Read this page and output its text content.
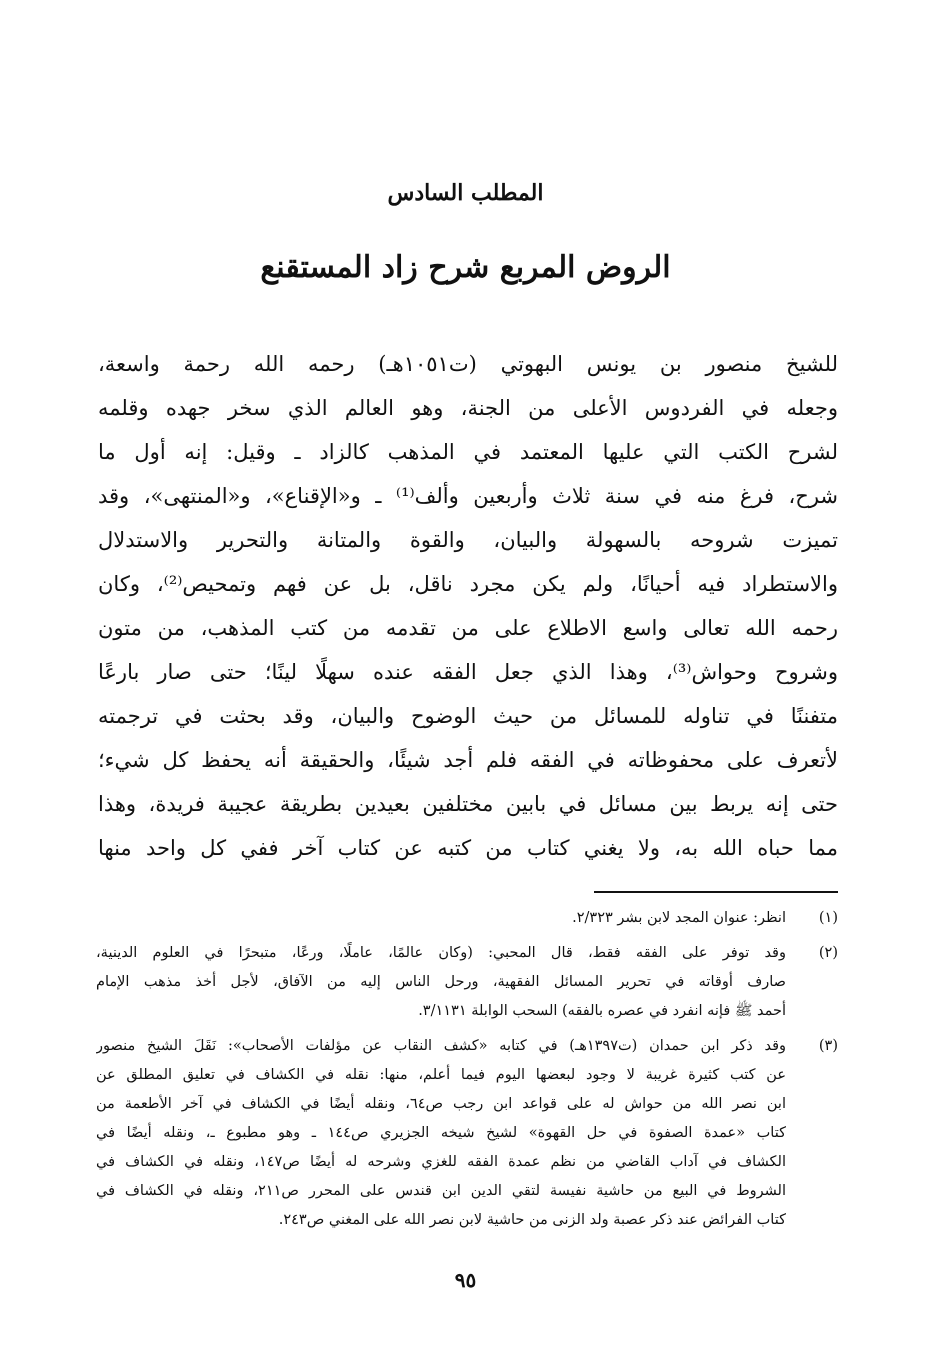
المطلب السادس
الروض المربع شرح زاد المستقنع
للشيخ منصور بن يونس البهوتي (ت١٠٥١هـ) رحمه الله رحمة واسعة،
وجعله في الفردوس الأعلى من الجنة، وهو العالم الذي سخر جهده وقلمه
لشرح الكتب التي عليها المعتمد في المذهب كالزاد ـ وقيل: إنه أول ما
شرح، فرغ منه في سنة ثلاث وأربعين وألف⁽¹⁾ ـ و«الإقناع»، و«المنتهى»، وقد
تميزت شروحه بالسهولة والبيان، والقوة والمتانة والتحرير والاستدلال
والاستطراد فيه أحيانًا، ولم يكن مجرد ناقل، بل عن فهم وتمحيص⁽²⁾، وكان
رحمه الله تعالى واسع الاطلاع على من تقدمه من كتب المذهب، من متون
وشروح وحواش⁽³⁾، وهذا الذي جعل الفقه عنده سهلًا لينًا؛ حتى صار بارعًا
متفننًا في تناوله للمسائل من حيث الوضوح والبيان، وقد بحثت في ترجمته
لأتعرف على محفوظاته في الفقه فلم أجد شيئًا، والحقيقة أنه يحفظ كل شيء؛
حتى إنه يربط بين مسائل في بابين مختلفين بعيدين بطريقة عجيبة فريدة، وهذا
مما حباه الله به، ولا يغني كتاب من كتبه عن كتاب آخر ففي كل واحد منها
(١)
انظر: عنوان المجد لابن بشر ٢/٣٢٣.
(٢)
وقد توفر على الفقه فقط، قال المحبي: (وكان عالمًا، عاملًا، ورعًا، متبحرًا في العلوم الدينية،
صارف أوقاته في تحرير المسائل الفقهية، ورحل الناس إليه من الآفاق، لأجل أخذ مذهب الإمام
أحمد ﷺ فإنه انفرد في عصره بالفقه) السحب الوابلة ٣/١١٣١.
(٣)
وقد ذكر ابن حمدان (ت١٣٩٧هـ) في كتابه «كشف النقاب عن مؤلفات الأصحاب»: نَقَلَ الشيخ منصور
عن كتب كثيرة غريبة لا وجود لبعضها اليوم فيما أعلم، منها: نقله في الكشاف في تعليق المطلق عن
ابن نصر الله من حواش له على قواعد ابن رجب ص٦٤، ونقله أيضًا في الكشاف في آخر الأطعمة من
كتاب «عمدة الصفوة في حل القهوة» لشيخ شيخه الجزيري ص١٤٤ ـ وهو مطبوع ـ، ونقله أيضًا في
الكشاف في آداب القاضي من نظم عمدة الفقه للغزي وشرحه له أيضًا ص١٤٧، ونقله في الكشاف في
الشروط في البيع من حاشية نفيسة لتقي الدين ابن قندس على المحرر ص٢١١، ونقله في الكشاف في
كتاب الفرائض عند ذكر عصبة ولد الزنى من حاشية لابن نصر الله على المغني ص٢٤٣.
٩٥
